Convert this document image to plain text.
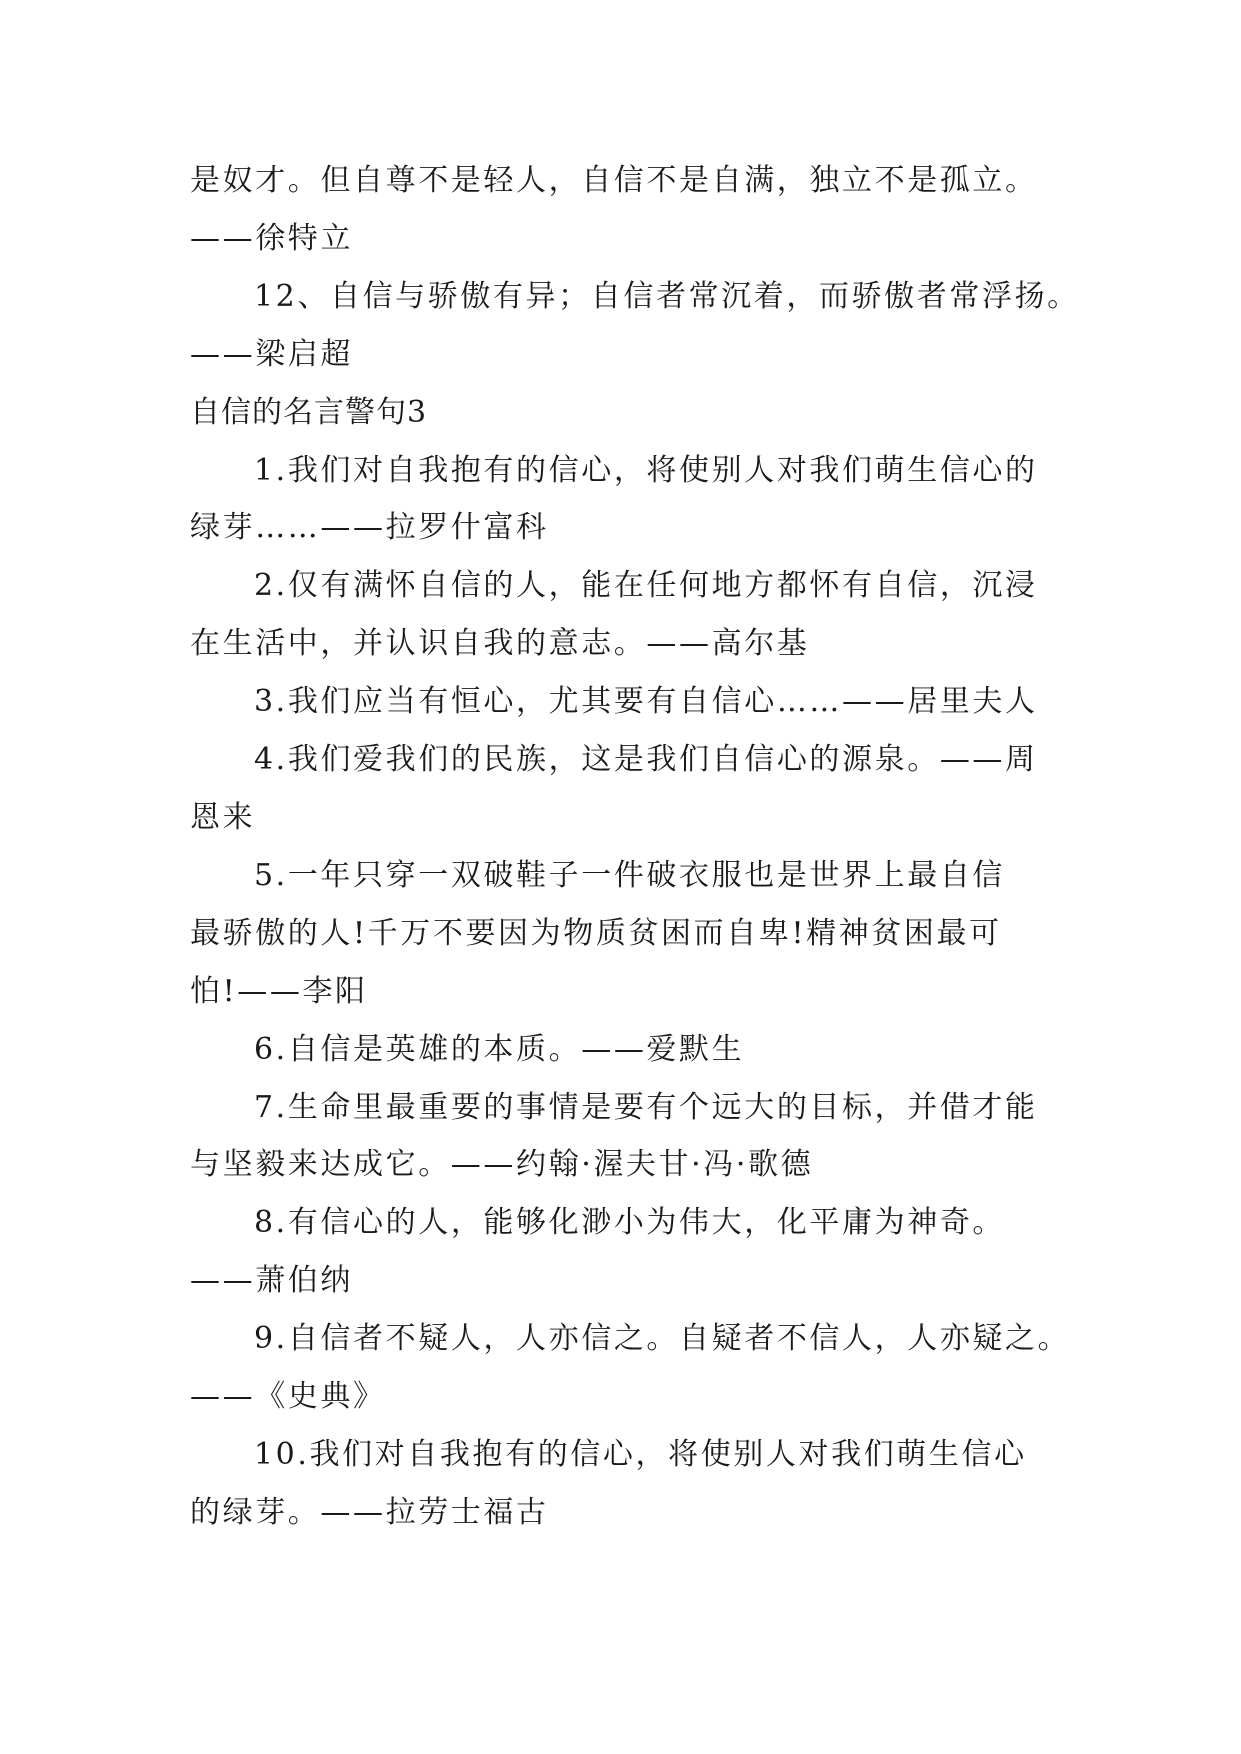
是奴才。但自尊不是轻人，自信不是自满，独立不是孤立。

——徐特立

12、自信与骄傲有异；自信者常沉着，而骄傲者常浮扬。

——梁启超

自信的名言警句3

1.我们对自我抱有的信心，将使别人对我们萌生信心的

绿芽……——拉罗什富科

2.仅有满怀自信的人，能在任何地方都怀有自信，沉浸

在生活中，并认识自我的意志。——高尔基

3.我们应当有恒心，尤其要有自信心……——居里夫人

4.我们爱我们的民族，这是我们自信心的源泉。——周

恩来

5.一年只穿一双破鞋子一件破衣服也是世界上最自信

最骄傲的人!千万不要因为物质贫困而自卑!精神贫困最可

怕!——李阳

6.自信是英雄的本质。——爱默生

7.生命里最重要的事情是要有个远大的目标，并借才能

与坚毅来达成它。——约翰·渥夫甘·冯·歌德

8.有信心的人，能够化渺小为伟大，化平庸为神奇。

——萧伯纳

9.自信者不疑人，人亦信之。自疑者不信人，人亦疑之。

——《史典》

10.我们对自我抱有的信心，将使别人对我们萌生信心

的绿芽。——拉劳士福古
